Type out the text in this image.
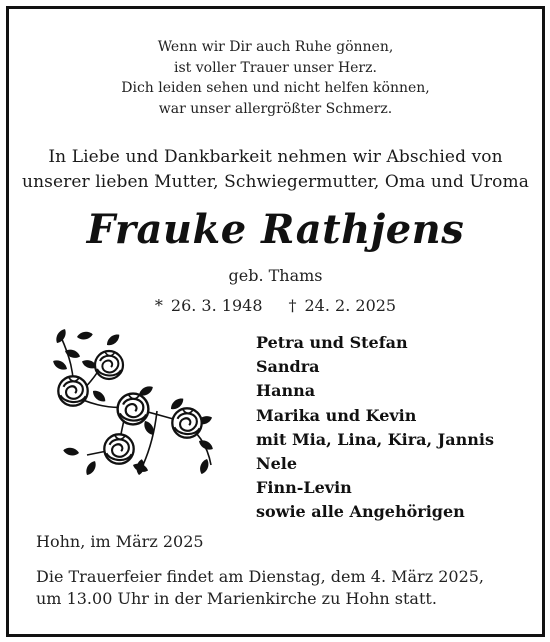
Wenn wir Dir auch Ruhe gönnen,
ist voller Trauer unser Herz.
Dich leiden sehen und nicht helfen können,
war unser allergrößter Schmerz.
In Liebe und Dankbarkeit nehmen wir Abschied von
unserer lieben Mutter, Schwiegermutter, Oma und Uroma
Frauke Rathjens
geb. Thams
* 26. 3. 1948 † 24. 2. 2025
Petra und Stefan
Sandra
Hanna
Marika und Kevin
mit Mia, Lina, Kira, Jannis
Nele
Finn-Levin
sowie alle Angehörigen
Hohn, im März 2025
Die Trauerfeier findet am Dienstag, dem 4. März 2025,
um 13.00 Uhr in der Marienkirche zu Hohn statt.
